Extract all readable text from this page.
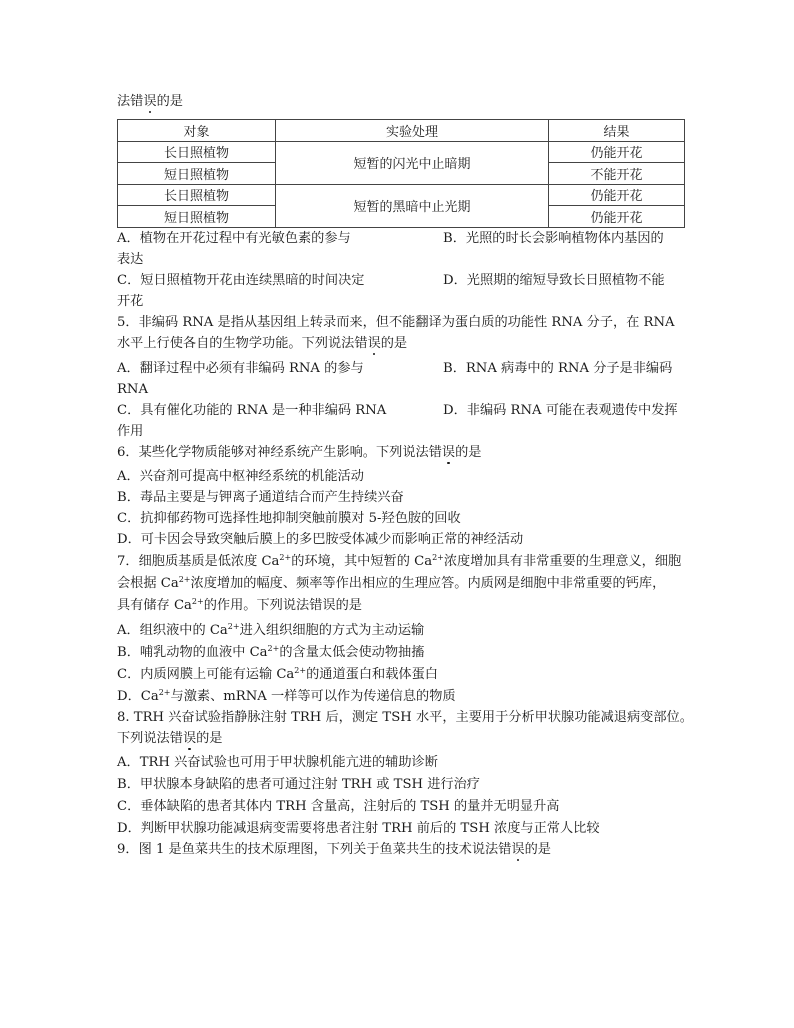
法错误的是
对象	实验处理	结果
长日照植物	短暂的闪光中止暗期	仍能开花
短日照植物		不能开花
长日照植物	短暂的黑暗中止光期	仍能开花
短日照植物		仍能开花
A．植物在开花过程中有光敏色素的参与	B．光照的时长会影响植物体内基因的
表达
C．短日照植物开花由连续黑暗的时间决定	D．光照期的缩短导致长日照植物不能
开花
5．非编码 RNA 是指从基因组上转录而来，但不能翻译为蛋白质的功能性 RNA 分子，在 RNA
水平上行使各自的生物学功能。下列说法错误的是
A．翻译过程中必须有非编码 RNA 的参与	B．RNA 病毒中的 RNA 分子是非编码
RNA
C．具有催化功能的 RNA 是一种非编码 RNA	D．非编码 RNA 可能在表观遗传中发挥
作用
6．某些化学物质能够对神经系统产生影响。下列说法错误的是
A．兴奋剂可提高中枢神经系统的机能活动
B．毒品主要是与钾离子通道结合而产生持续兴奋
C．抗抑郁药物可选择性地抑制突触前膜对 5-羟色胺的回收
D．可卡因会导致突触后膜上的多巴胺受体减少而影响正常的神经活动
7．细胞质基质是低浓度 $Ca^{2+}$的环境，其中短暂的 $Ca^{2+}$浓度增加具有非常重要的生理意义，细胞
会根据 $Ca^{2+}$浓度增加的幅度、频率等作出相应的生理应答。内质网是细胞中非常重要的钙库，
具有储存 $Ca^{2+}$的作用。下列说法错误的是
A．组织液中的 $Ca^{2+}$进入组织细胞的方式为主动运输
B．哺乳动物的血液中 $Ca^{2+}$的含量太低会使动物抽搐
C．内质网膜上可能有运输 $Ca^{2+}$的通道蛋白和载体蛋白
D．$Ca^{2+}$与激素、mRNA 一样等可以作为传递信息的物质
8. TRH 兴奋试验指静脉注射 TRH 后，测定 TSH 水平，主要用于分析甲状腺功能减退病变部位。
下列说法错误的是
A．TRH 兴奋试验也可用于甲状腺机能亢进的辅助诊断
B．甲状腺本身缺陷的患者可通过注射 TRH 或 TSH 进行治疗
C．垂体缺陷的患者其体内 TRH 含量高，注射后的 TSH 的量并无明显升高
D．判断甲状腺功能减退病变需要将患者注射 TRH 前后的 TSH 浓度与正常人比较
9．图 1 是鱼菜共生的技术原理图，下列关于鱼菜共生的技术说法错误的是
